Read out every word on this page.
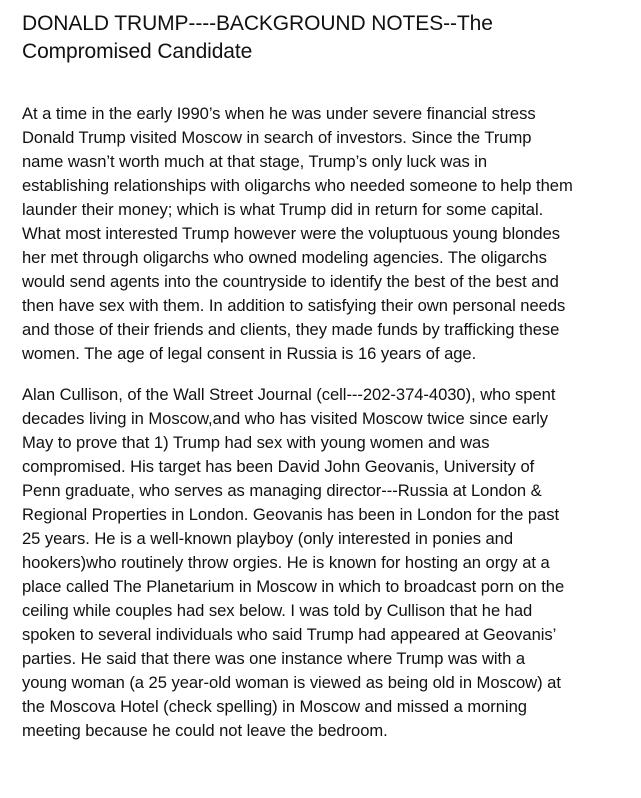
DONALD TRUMP----BACKGROUND NOTES--The
Compromised Candidate

At a time in the early I990’s when he was under severe financial stress
Donald Trump visited Moscow in search of investors. Since the Trump
name wasn’t worth much at that stage, Trump’s only luck was in
establishing relationships with oligarchs who needed someone to help them
launder their money; which is what Trump did in return for some capital.
What most interested Trump however were the voluptuous young blondes
her met through oligarchs who owned modeling agencies. The oligarchs
would send agents into the countryside to identify the best of the best and
then have sex with them. In addition to satisfying their own personal needs
and those of their friends and clients, they made funds by trafficking these
women. The age of legal consent in Russia is 16 years of age.

Alan Cullison, of the Wall Street Journal (cell---202-374-4030), who spent
decades living in Moscow,and who has visited Moscow twice since early
May to prove that 1) Trump had sex with young women and was
compromised. His target has been David John Geovanis, University of
Penn graduate, who serves as managing director---Russia at London &
Regional Properties in London. Geovanis has been in London for the past
25 years. He is a well-known playboy (only interested in ponies and
hookers)who routinely throw orgies. He is known for hosting an orgy at a
place called The Planetarium in Moscow in which to broadcast porn on the
ceiling while couples had sex below. I was told by Cullison that he had
spoken to several individuals who said Trump had appeared at Geovanis’
parties. He said that there was one instance where Trump was with a
young woman (a 25 year-old woman is viewed as being old in Moscow) at
the Moscova Hotel (check spelling) in Moscow and missed a morning
meeting because he could not leave the bedroom.
